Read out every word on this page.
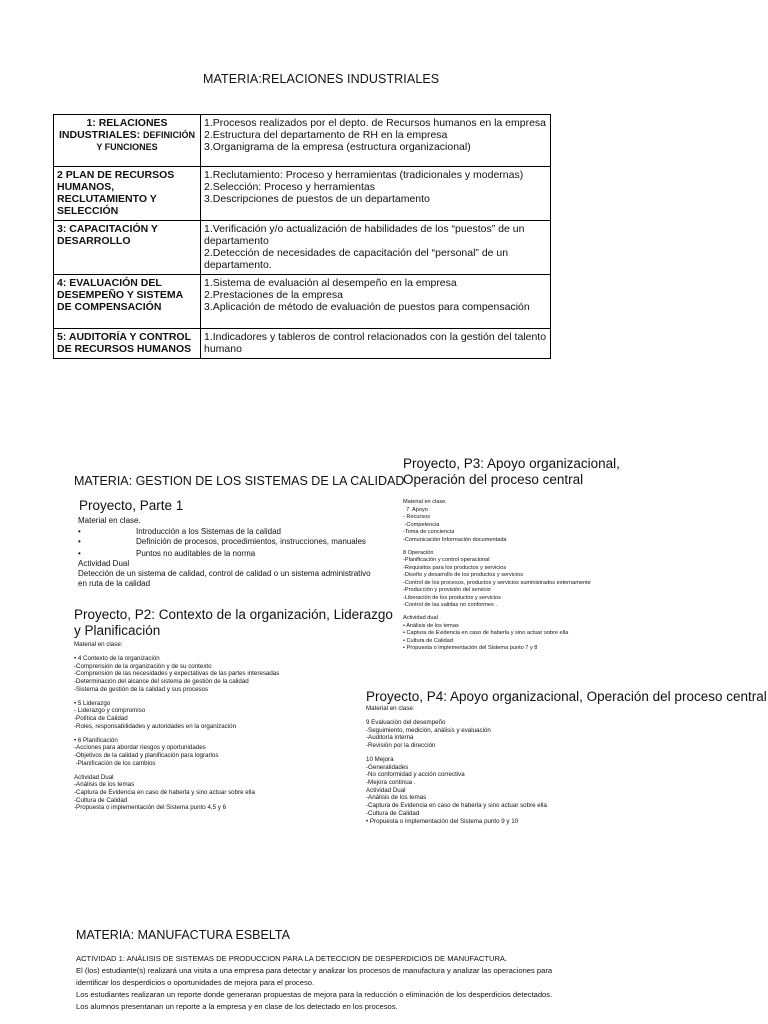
MATERIA:RELACIONES INDUSTRIALES
1: RELACIONES INDUSTRIALES: DEFINICIÓN Y FUNCIONES	1.Procesos realizados por el depto. de Recursos humanos en la empresa
2.Estructura del departamento de RH en la empresa
3.Organigrama de la empresa (estructura organizacional)

2 PLAN DE RECURSOS HUMANOS, RECLUTAMIENTO Y SELECCIÓN	1.Reclutamiento: Proceso y herramientas (tradicionales y modernas)
2.Selección: Proceso y herramientas
3.Descripciones de puestos de un departamento

3: CAPACITACIÓN Y DESARROLLO	1.Verificación y/o actualización de habilidades de los “puestos” de un departamento
2.Detección de necesidades de capacitación del “personal” de un departamento.

4: EVALUACIÓN DEL DESEMPEÑO Y SISTEMA DE COMPENSACIÓN	1.Sistema de evaluación al desempeño en la empresa
2.Prestaciones de la empresa
3.Aplicación de método de evaluación de puestos para compensación

5: AUDITORÍA Y CONTROL DE RECURSOS HUMANOS	1.Indicadores y tableros de control relacionados con la gestión del talento humano
MATERIA: GESTION DE LOS SISTEMAS DE LA CALIDAD
Proyecto, Parte 1
Material en clase.
•	Introducción a los Sistemas de la calidad
•	Definición de procesos, procedimientos, instrucciones, manuales
•	Puntos no auditables de la norma
Actividad Dual
Detección de un sistema de calidad, control de calidad o un sistema administrativo en ruta de la calidad
Proyecto, P2: Contexto de la organización, Liderazgo y Planificación
Material en clase:
• 4 Contexto de la organización
-Comprensión de la organización y de su contexto
-Comprensión de las necesidades y expectativas de las partes interesadas
-Determinación del alcance del sistema de gestión de la calidad
-Sistema de gestión de la calidad y sus procesos
• 5 Liderazgo
- Liderazgo y compromiso
-Política de Calidad
-Roles, responsabilidades y autoridades en la organización
• 6 Planificación
-Acciones para abordar riesgos y oportunidades
-Objetivos de la calidad y planificación para lograrlos
-Planificación de los cambios
Actividad Dual
-Análisis de los temas
-Captura de Evidencia en caso de haberla y sino actuar sobre ella
-Cultura de Calidad
-Propuesta o implementación del Sistema punto 4,5 y 6
Proyecto, P3: Apoyo organizacional, Operación del proceso central
Material en clase.
7  Apoyo
- Recursos
-Competencia
-Toma de conciencia
-Comunicación Información documentada
8 Operación
-Planificación y control operacional
-Requisitos para los productos y servicios
-Diseño y desarrollo de los productos y servicios
-Control de los procesos, productos y servicios suministrados externamente
-Producción y provisión del servicio
-Liberación de los productos y servicios
-Control de las salidas no conformes .
Actividad dual
• Análisis de los temas
• Captura de Evidencia en caso de haberla y sino actuar sobre ella
• Cultura de Calidad
• Propuesta o implementación del Sistema punto 7 y 8
Proyecto, P4: Apoyo organizacional, Operación del proceso central
Material en clase:
9 Evaluación del desempeño
-Seguimiento, medición, análisis y evaluación
-Auditoría interna
-Revisión por la dirección
10 Mejora
-Generalidades
-No conformidad y acción correctiva
-Mejora continua .
Actividad Dual
-Análisis de los temas
-Captura de Evidencia en caso de haberla y sino actuar sobre ella
-Cultura de Calidad
• Propuesta o implementación del Sistema punto 9 y 10
MATERIA: MANUFACTURA ESBELTA
ACTIVIDAD 1: ANÁLISIS DE SISTEMAS DE PRODUCCION PARA LA DETECCION DE DESPERDICIOS DE MANUFACTURA.
El (los) estudiante(s) realizará una visita a una empresa para detectar y analizar los procesos de manufactura y analizar las operaciones para
identificar los desperdicios o oportunidades de mejora para el proceso.
Los estudiantes realizaran un reporte donde generaran propuestas de mejora para la reducción o eliminación de los desperdicios detectados.
Los alumnos presentanan un reporte a la empresa y en clase de los detectado en los procesos.
